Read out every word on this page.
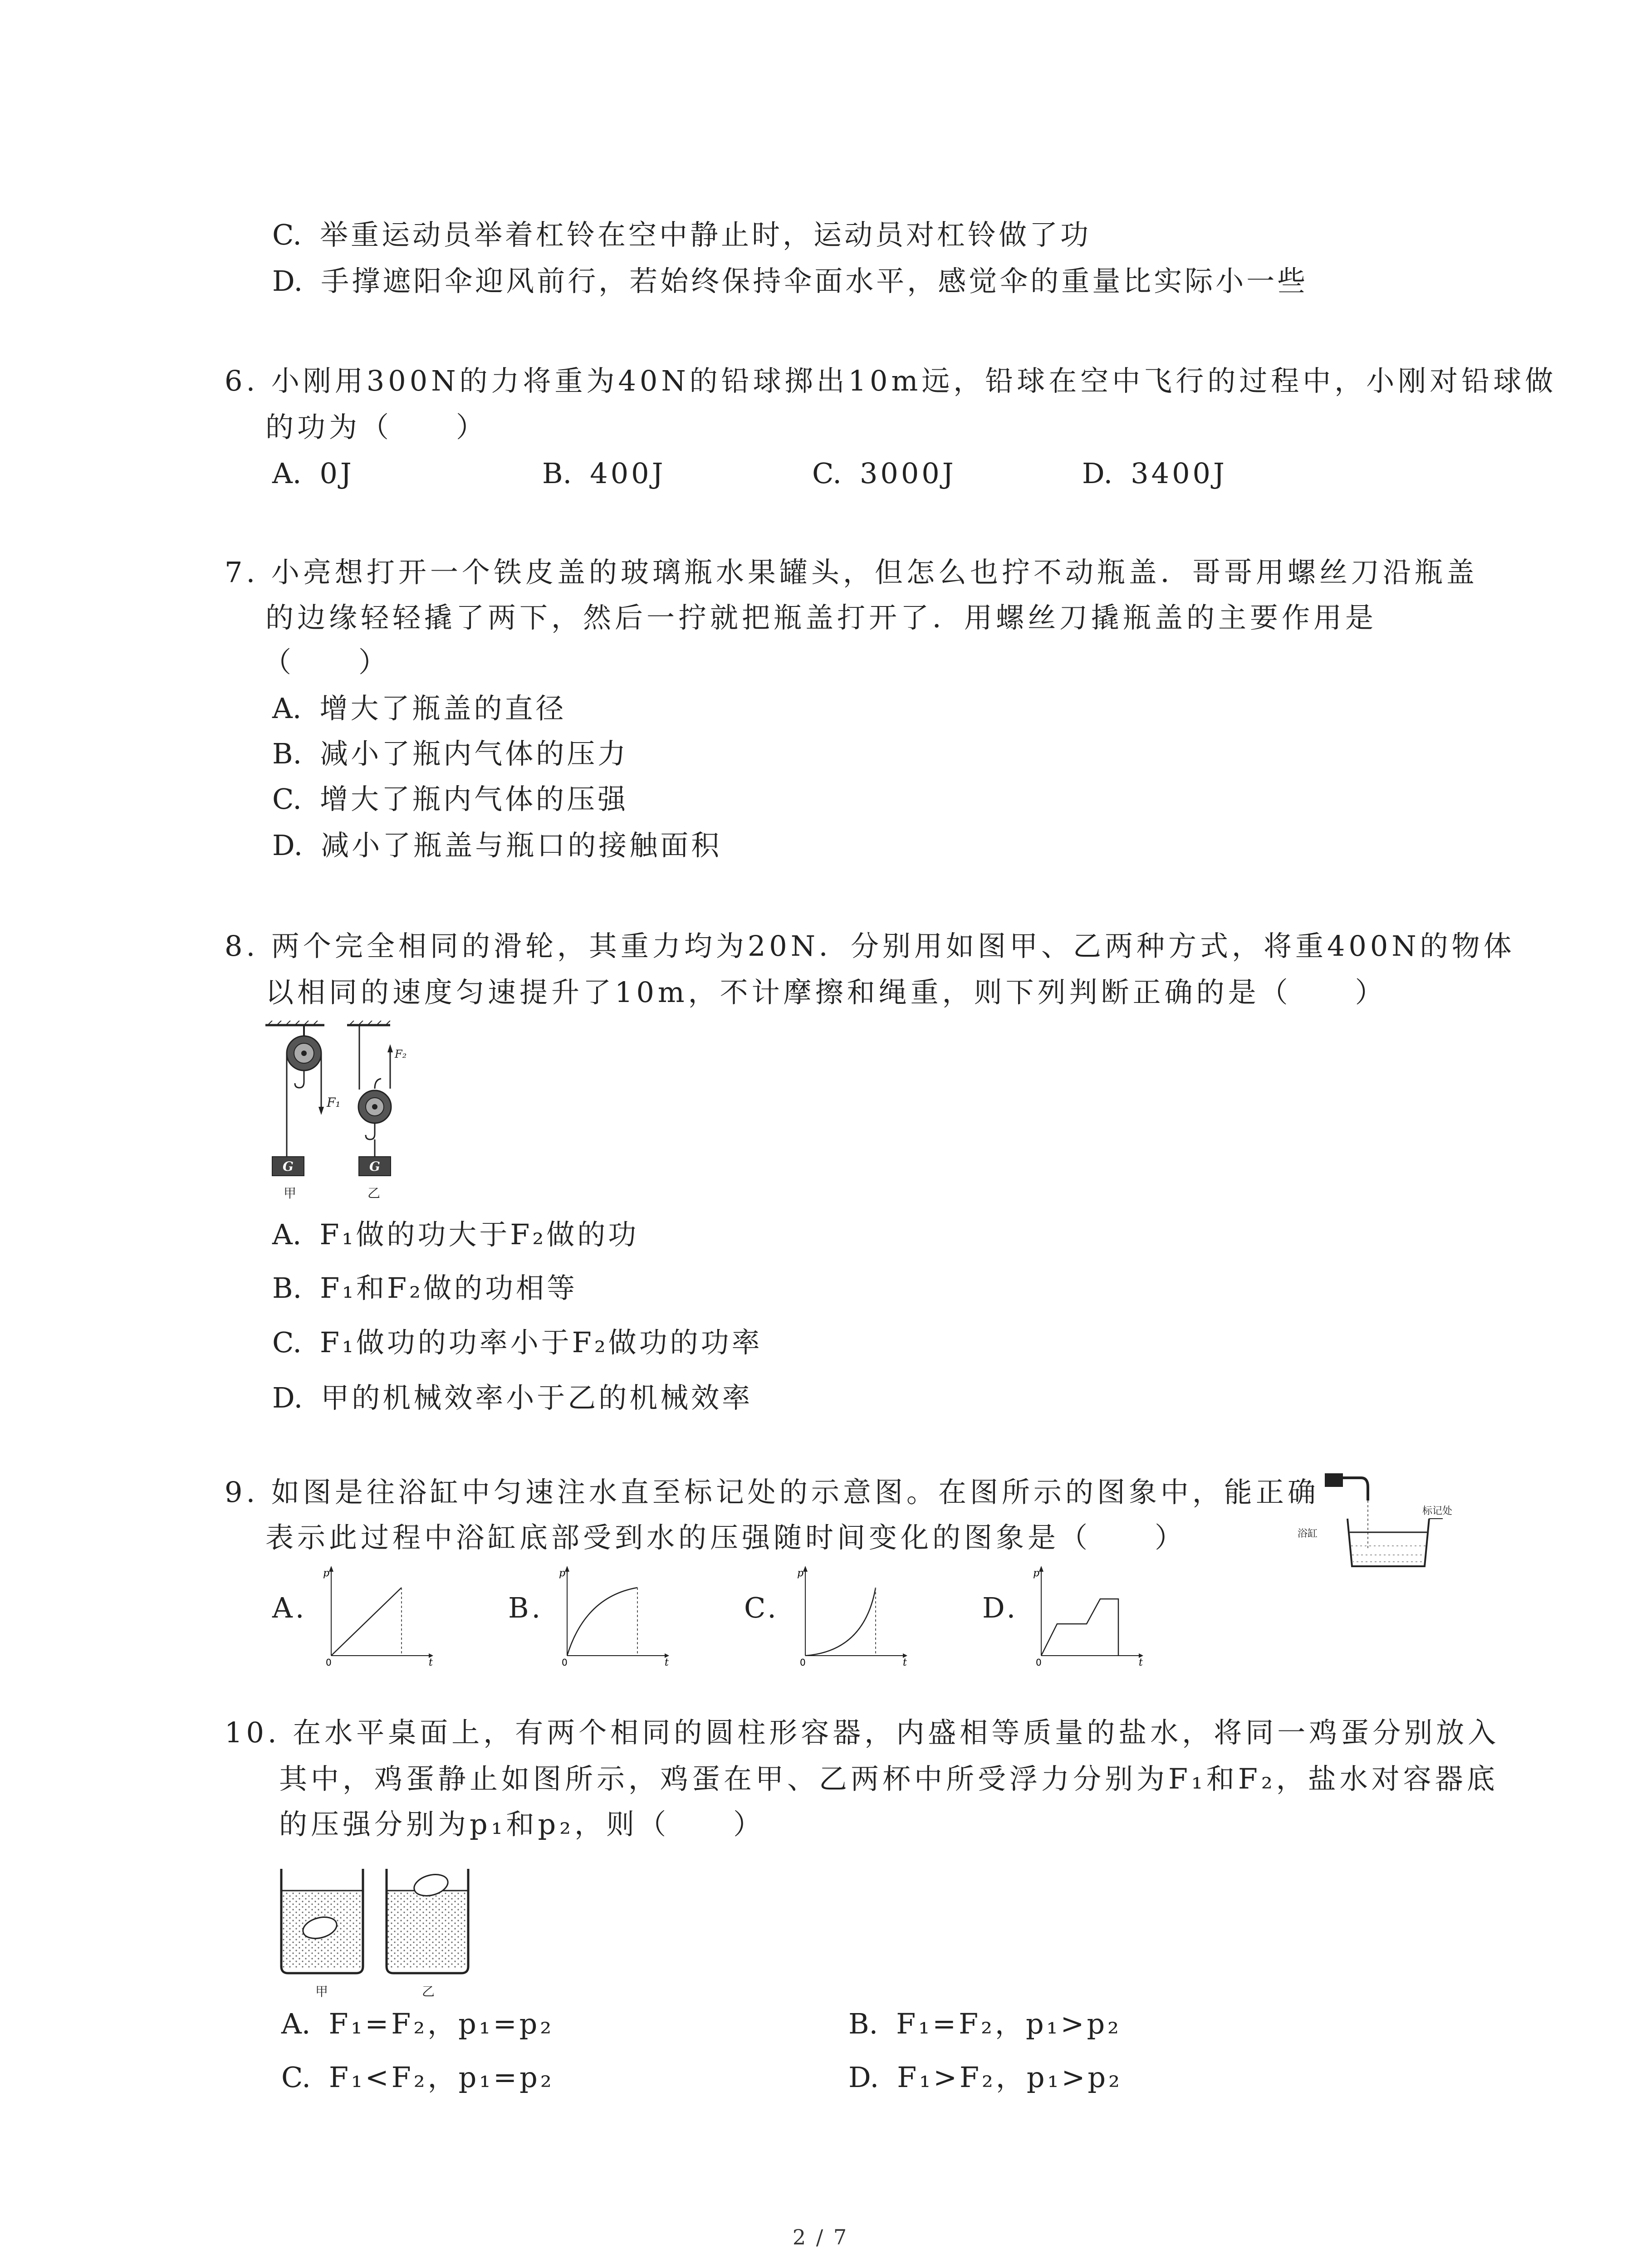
C. 举重运动员举着杠铃在空中静止时，运动员对杠铃做了功
D. 手撑遮阳伞迎风前行，若始终保持伞面水平，感觉伞的重量比实际小一些
6. 小刚用300N的力将重为40N的铅球掷出10m远，铅球在空中飞行的过程中，小刚对铅球做
的功为（　　）
A. 0J	B. 400J	C. 3000J	D. 3400J
7. 小亮想打开一个铁皮盖的玻璃瓶水果罐头，但怎么也拧不动瓶盖．哥哥用螺丝刀沿瓶盖
的边缘轻轻撬了两下，然后一拧就把瓶盖打开了．用螺丝刀撬瓶盖的主要作用是
（　　）
A. 增大了瓶盖的直径
B. 减小了瓶内气体的压力
C. 增大了瓶内气体的压强
D. 减小了瓶盖与瓶口的接触面积
8. 两个完全相同的滑轮，其重力均为20N．分别用如图甲、乙两种方式，将重400N的物体
以相同的速度匀速提升了10m，不计摩擦和绳重，则下列判断正确的是（　　）
F₁
G
甲
F₂
G
乙
A. F₁做的功大于F₂做的功
B. F₁和F₂做的功相等
C. F₁做功的功率小于F₂做功的功率
D. 甲的机械效率小于乙的机械效率
9. 如图是往浴缸中匀速注水直至标记处的示意图。在图所示的图象中，能正确
表示此过程中浴缸底部受到水的压强随时间变化的图象是（　　）	浴缸
标记处
A.	B.	C.	D.
p
t
0
p
t
0
p
t
0
p
t
0
10. 在水平桌面上，有两个相同的圆柱形容器，内盛相等质量的盐水，将同一鸡蛋分别放入
其中，鸡蛋静止如图所示，鸡蛋在甲、乙两杯中所受浮力分别为F₁和F₂，盐水对容器底
的压强分别为p₁和p₂，则（　　）
甲	乙
A. F₁=F₂，p₁=p₂	B. F₁=F₂，p₁>p₂
C. F₁<F₂，p₁=p₂	D. F₁>F₂，p₁>p₂
2 / 7
